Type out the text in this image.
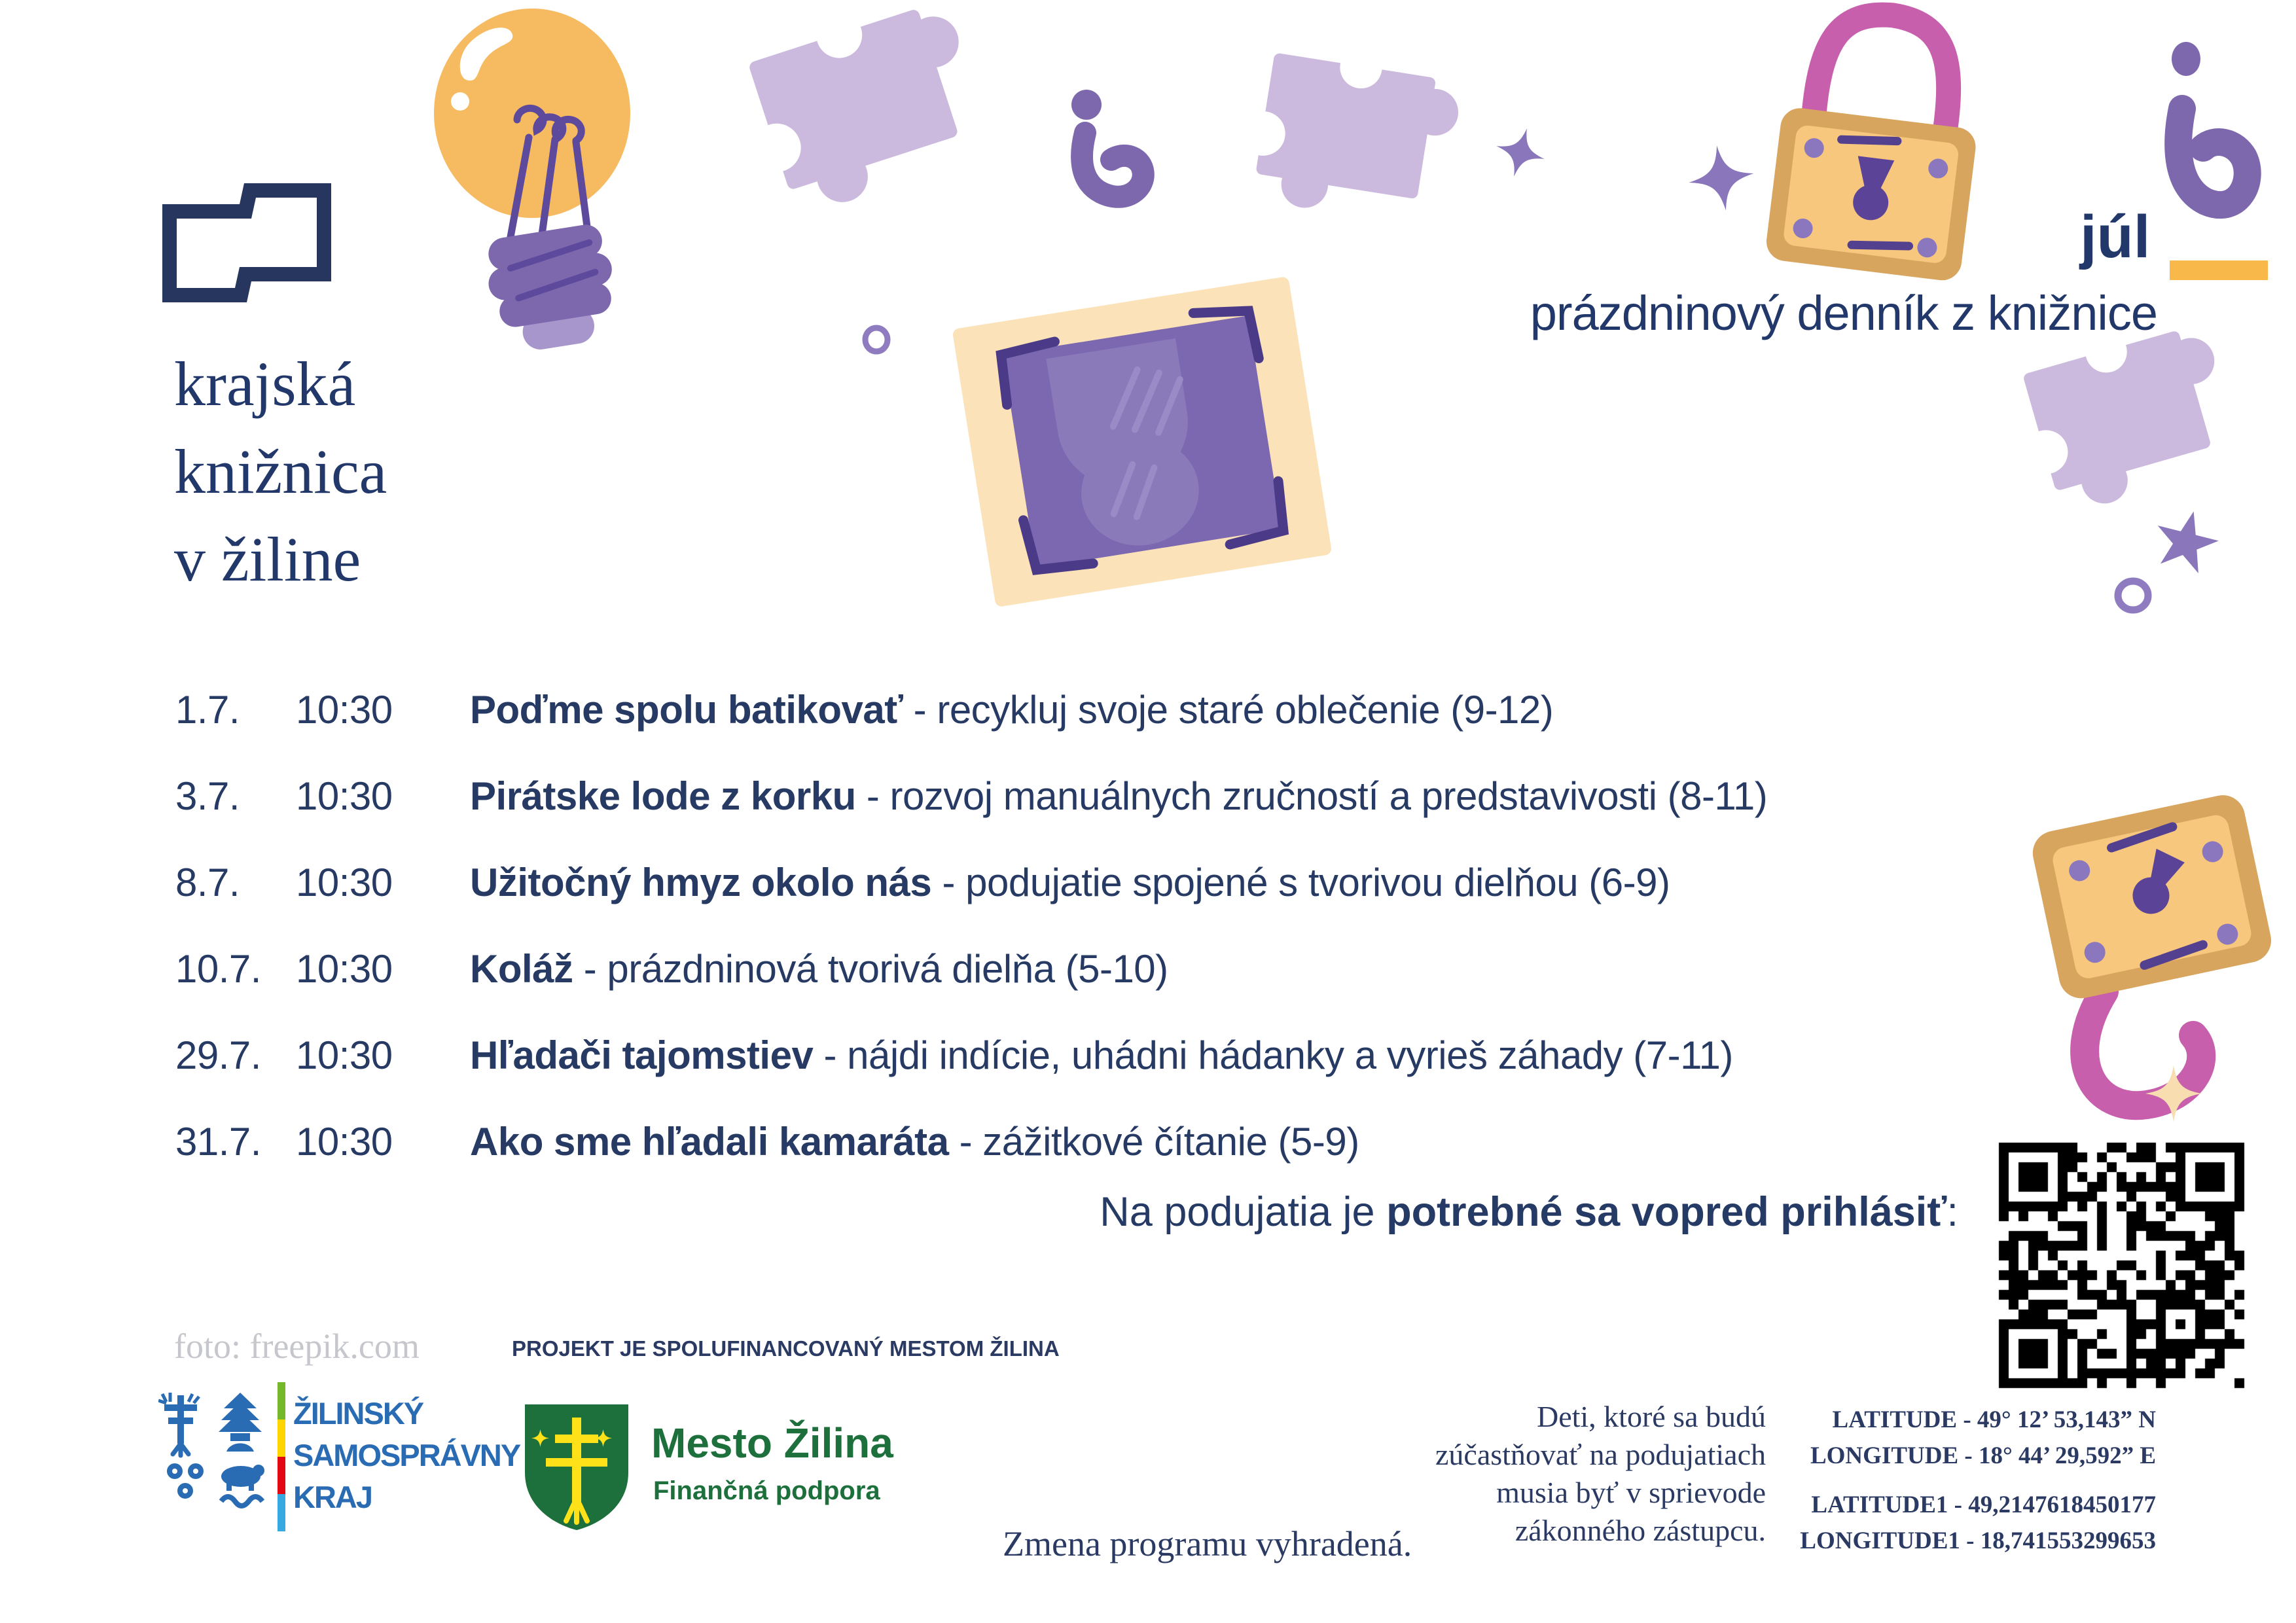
júl
prázdninový denník z knižnice
krajská
knižnica
v žiline
1.7. 10:30 Poďme spolu batikovať - recykluj svoje staré oblečenie (9-12)
3.7. 10:30 Pirátske lode z korku - rozvoj manuálnych zručností a predstavivosti (8-11)
8.7. 10:30 Užitočný hmyz okolo nás - podujatie spojené s tvorivou dielňou (6-9)
10.7. 10:30 Koláž - prázdninová tvorivá dielňa (5-10)
29.7. 10:30 Hľadači tajomstiev - nájdi indície, uhádni hádanky a vyrieš záhady (7-11)
31.7. 10:30 Ako sme hľadali kamaráta - zážitkové čítanie (5-9)
Na podujatia je potrebné sa vopred prihlásiť:
foto: freepik.com	PROJEKT JE SPOLUFINANCOVANÝ MESTOM ŽILINA
ŽILINSKÝ
SAMOSPRÁVNY
KRAJ
Mesto Žilina
Finančná podpora
Zmena programu vyhradená.
Deti, ktoré sa budú
zúčastňovať na podujatiach
musia byť v sprievode
zákonného zástupcu.
LATITUDE - 49° 12’ 53,143” N
LONGITUDE - 18° 44’ 29,592” E
LATITUDE1 - 49,2147618450177
LONGITUDE1 - 18,741553299653
